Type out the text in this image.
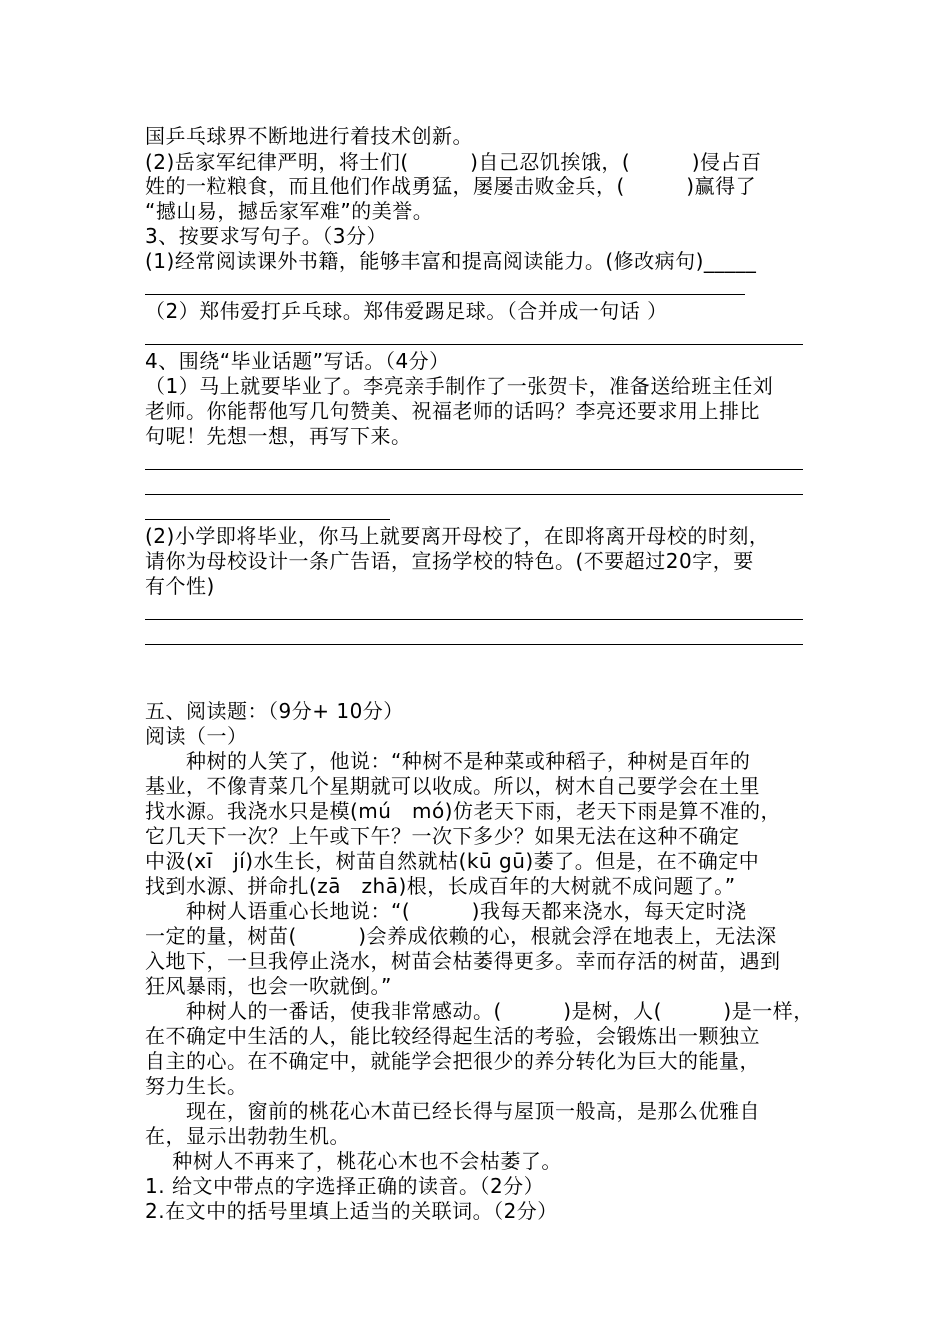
国乒乓球界不断地进行着技术创新。
(2)岳家军纪律严明，将士们(　　　)自己忍饥挨饿，(　　　)侵占百
姓的一粒粮食，而且他们作战勇猛，屡屡击败金兵，(　　　)赢得了
“撼山易，撼岳家军难”的美誉。
3、按要求写句子。（3分）
(1)经常阅读课外书籍，能够丰富和提高阅读能力。(修改病句)_____
（2）郑伟爱打乒乓球。郑伟爱踢足球。（合并成一句话 ）
4、围绕“毕业话题”写话。（4分）
（1）马上就要毕业了。李亮亲手制作了一张贺卡，准备送给班主任刘
老师。你能帮他写几句赞美、祝福老师的话吗？李亮还要求用上排比
句呢！先想一想，再写下来。
(2)小学即将毕业，你马上就要离开母校了，在即将离开母校的时刻，
请你为母校设计一条广告语，宣扬学校的特色。(不要超过20字，要
有个性)
五、阅读题：（9分+ 10分）
阅读（一）
　　种树的人笑了，他说：“种树不是种菜或种稻子，种树是百年的
基业，不像青菜几个星期就可以收成。所以，树木自己要学会在土里
找水源。我浇水只是模(mú　mó)仿老天下雨，老天下雨是算不准的，
它几天下一次？上午或下午？一次下多少？如果无法在这种不确定
中汲(xī　jí)水生长，树苗自然就枯(kū gū)萎了。但是，在不确定中
找到水源、拼命扎(zā　zhā)根，长成百年的大树就不成问题了。”
　　种树人语重心长地说：“(　　　)我每天都来浇水，每天定时浇
一定的量，树苗(　　　)会养成依赖的心，根就会浮在地表上，无法深
入地下，一旦我停止浇水，树苗会枯萎得更多。幸而存活的树苗，遇到
狂风暴雨，也会一吹就倒。”
　　种树人的一番话，使我非常感动。(　　　)是树，人(　　　)是一样，
在不确定中生活的人，能比较经得起生活的考验，会锻炼出一颗独立
自主的心。在不确定中，就能学会把很少的养分转化为巨大的能量，
努力生长。
　　现在，窗前的桃花心木苗已经长得与屋顶一般高，是那么优雅自
在，显示出勃勃生机。
　 种树人不再来了，桃花心木也不会枯萎了。
1. 给文中带点的字选择正确的读音。（2分）
2.在文中的括号里填上适当的关联词。（2分）
